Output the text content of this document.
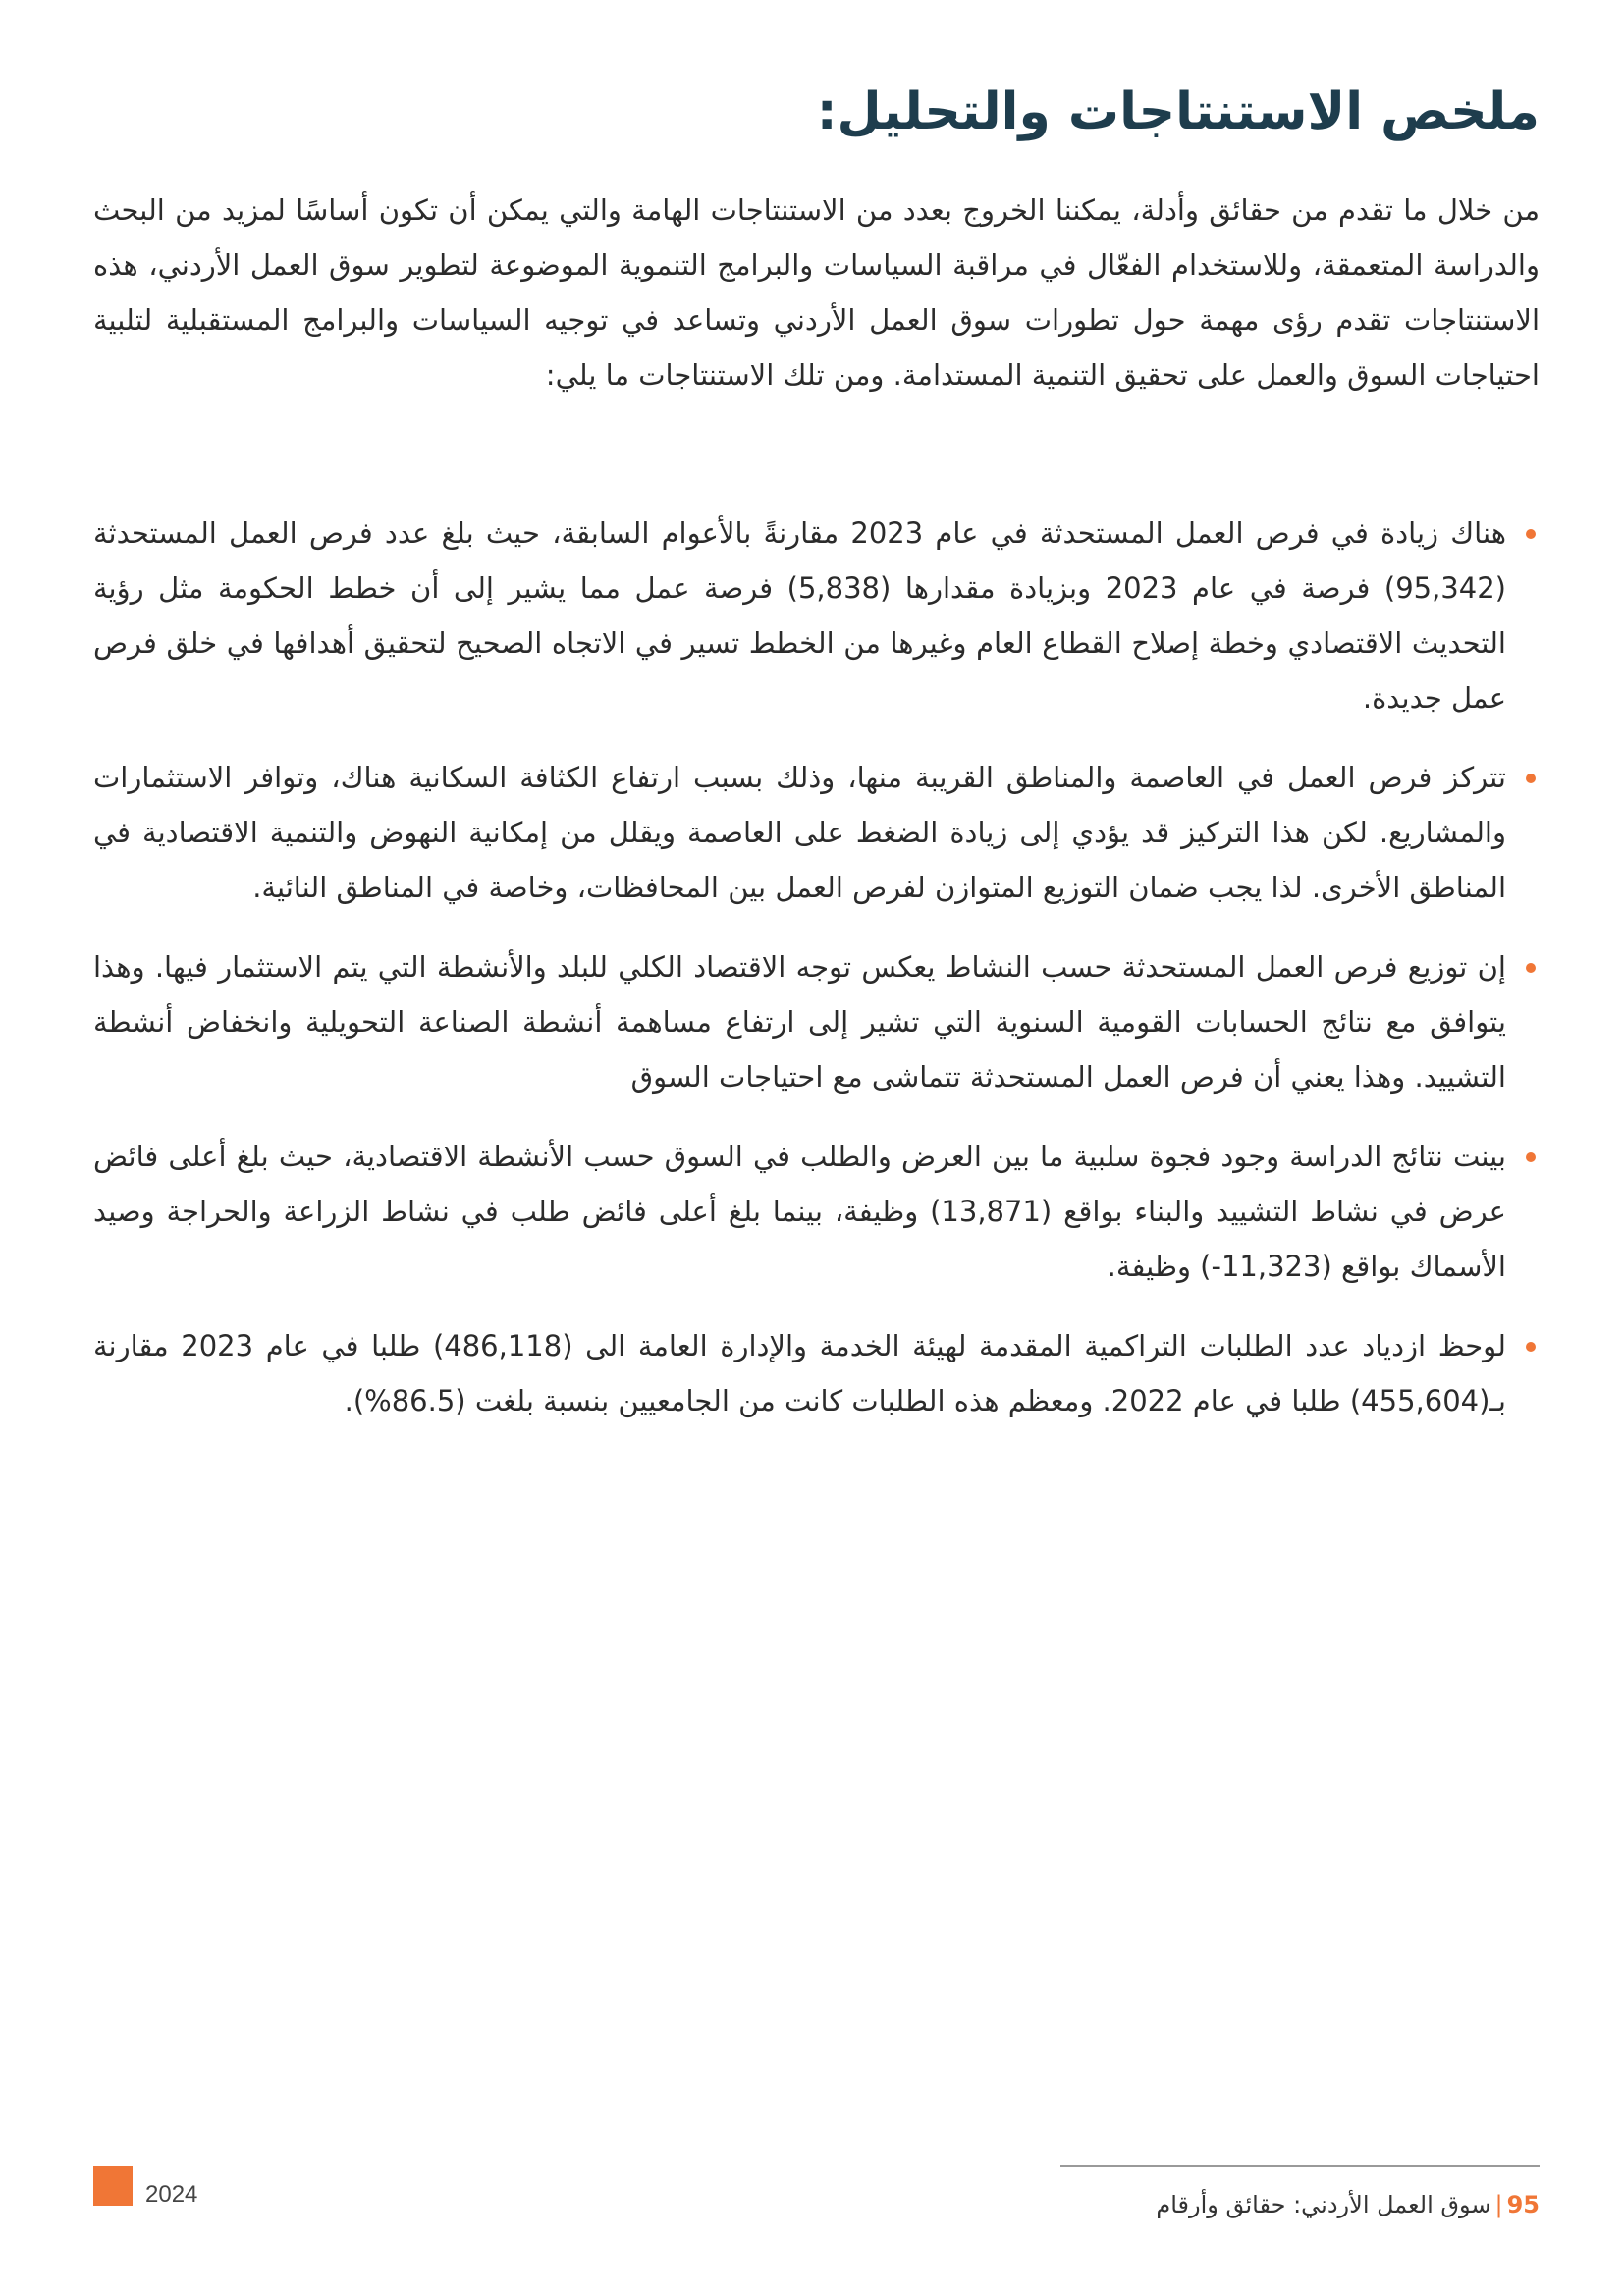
ملخص الاستنتاجات والتحليل:

من خلال ما تقدم من حقائق وأدلة، يمكننا الخروج بعدد من الاستنتاجات الهامة والتي يمكن أن تكون أساسًا لمزيد من البحث والدراسة المتعمقة، وللاستخدام الفعّال في مراقبة السياسات والبرامج التنموية الموضوعة لتطوير سوق العمل الأردني، هذه الاستنتاجات تقدم رؤى مهمة حول تطورات سوق العمل الأردني وتساعد في توجيه السياسات والبرامج المستقبلية لتلبية احتياجات السوق والعمل على تحقيق التنمية المستدامة. ومن تلك الاستنتاجات ما يلي:

هناك زيادة في فرص العمل المستحدثة في عام 2023 مقارنةً بالأعوام السابقة، حيث بلغ عدد فرص العمل المستحدثة (95,342) فرصة في عام 2023 وبزيادة مقدارها (5,838) فرصة عمل مما يشير إلى أن خطط الحكومة مثل رؤية التحديث الاقتصادي وخطة إصلاح القطاع العام وغيرها من الخطط تسير في الاتجاه الصحيح لتحقيق أهدافها في خلق فرص عمل جديدة.
تتركز فرص العمل في العاصمة والمناطق القريبة منها، وذلك بسبب ارتفاع الكثافة السكانية هناك، وتوافر الاستثمارات والمشاريع. لكن هذا التركيز قد يؤدي إلى زيادة الضغط على العاصمة ويقلل من إمكانية النهوض والتنمية الاقتصادية في المناطق الأخرى. لذا يجب ضمان التوزيع المتوازن لفرص العمل بين المحافظات، وخاصة في المناطق النائية.
إن توزيع فرص العمل المستحدثة حسب النشاط يعكس توجه الاقتصاد الكلي للبلد والأنشطة التي يتم الاستثمار فيها. وهذا يتوافق مع نتائج الحسابات القومية السنوية التي تشير إلى ارتفاع مساهمة أنشطة الصناعة التحويلية وانخفاض أنشطة التشييد. وهذا يعني أن فرص العمل المستحدثة تتماشى مع احتياجات السوق
بينت نتائج الدراسة وجود فجوة سلبية ما بين العرض والطلب في السوق حسب الأنشطة الاقتصادية، حيث بلغ أعلى فائض عرض في نشاط التشييد والبناء بواقع (13,871) وظيفة، بينما بلغ أعلى فائض طلب في نشاط الزراعة والحراجة وصيد الأسماك بواقع (11,323-) وظيفة.
لوحظ ازدياد عدد الطلبات التراكمية المقدمة لهيئة الخدمة والإدارة العامة الى (486,118) طلبا في عام 2023 مقارنة بـ(455,604) طلبا في عام 2022. ومعظم هذه الطلبات كانت من الجامعيين بنسبة بلغت (86.5%).
2024	95|سوق العمل الأردني: حقائق وأرقام
